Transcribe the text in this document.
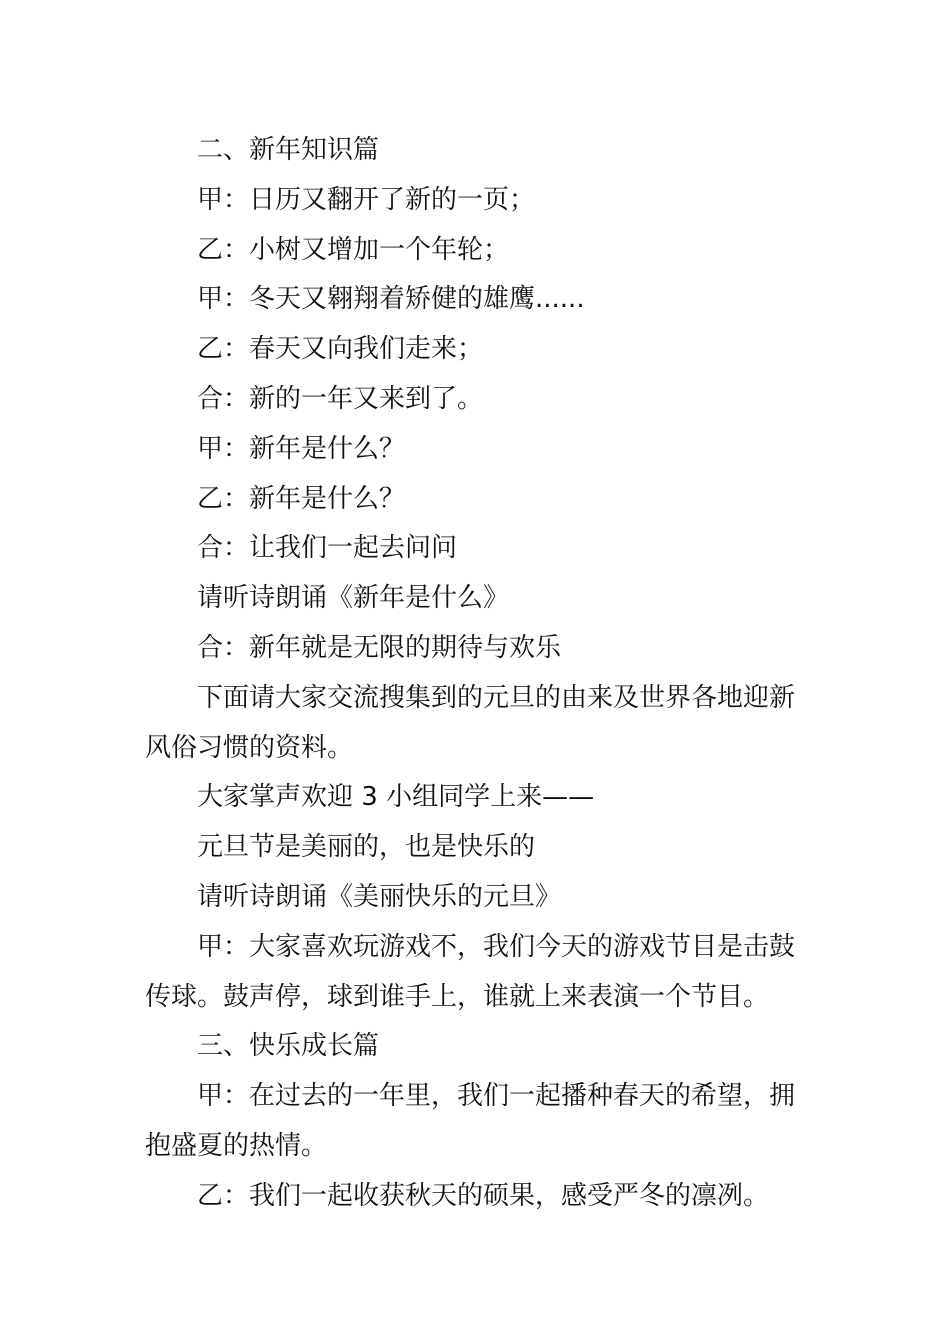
二、新年知识篇

甲：日历又翻开了新的一页；

乙：小树又增加一个年轮；

甲：冬天又翱翔着矫健的雄鹰......

乙：春天又向我们走来；

合：新的一年又来到了。

甲：新年是什么？

乙：新年是什么？

合：让我们一起去问问

请听诗朗诵《新年是什么》

合：新年就是无限的期待与欢乐

下面请大家交流搜集到的元旦的由来及世界各地迎新风俗习惯的资料。

大家掌声欢迎 3 小组同学上来——

元旦节是美丽的，也是快乐的

请听诗朗诵《美丽快乐的元旦》

甲：大家喜欢玩游戏不，我们今天的游戏节目是击鼓传球。鼓声停，球到谁手上，谁就上来表演一个节目。

三、快乐成长篇

甲：在过去的一年里，我们一起播种春天的希望，拥抱盛夏的热情。

乙：我们一起收获秋天的硕果，感受严冬的凛冽。
